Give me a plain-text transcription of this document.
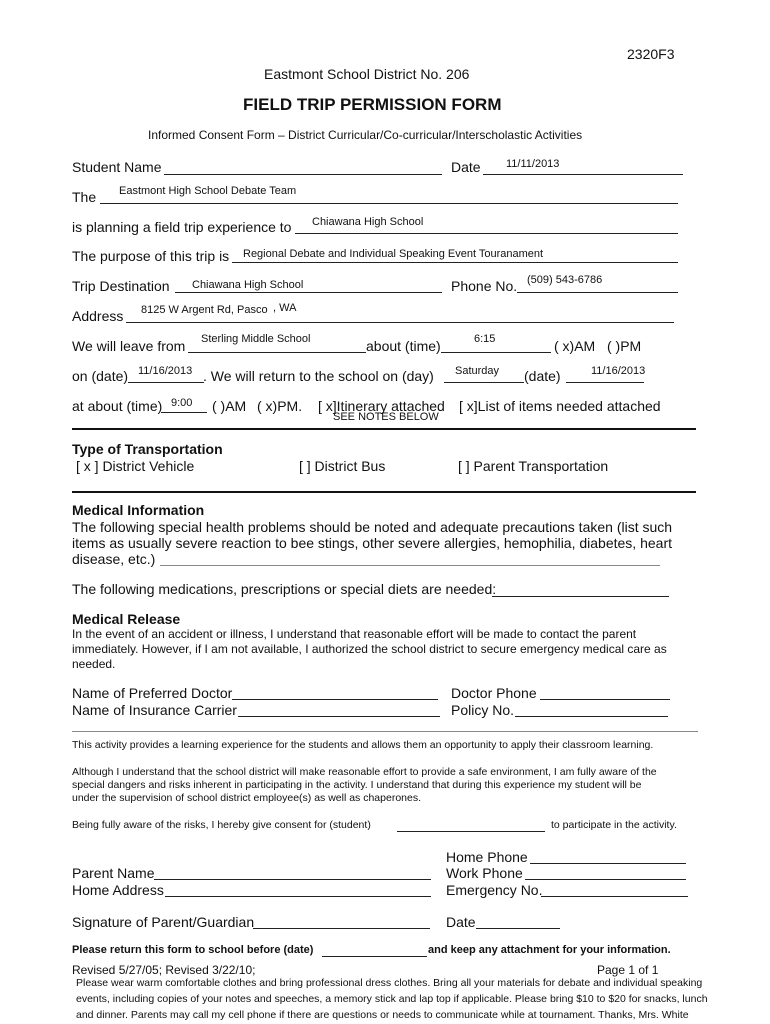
2320F3
Eastmont School District No. 206
FIELD TRIP PERMISSION FORM
Informed Consent Form – District Curricular/Co-curricular/Interscholastic Activities
Student Name	Date 11/11/2013
The Eastmont High School Debate Team
is planning a field trip experience to Chiawana High School
The purpose of this trip is Regional Debate and Individual Speaking Event Touranament
Trip Destination Chiawana High School	Phone No. (509) 543-6786
Address 8125 W Argent Rd, Pasco , WA
We will leave from Sterling Middle School	about (time)	6:15	( x)AM ( )PM
on (date) 11/16/2013 . We will return to the school on (day) Saturday (date)	11/16/2013
at about (time) 9:00 ( )AM ( x)PM. [ x]Itinerary attached
SEE NOTES BELOW
[ x]List of items needed attached
Type of Transportation
[ x ] District Vehicle	[ ] District Bus	[ ] Parent Transportation
Medical Information
The following special health problems should be noted and adequate precautions taken (list such
items as usually severe reaction to bee stings, other severe allergies, hemophilia, diabetes, heart
disease, etc.)
The following medications, prescriptions or special diets are needed:
Medical Release
In the event of an accident or illness, I understand that reasonable effort will be made to contact the parent
immediately. However, if I am not available, I authorized the school district to secure emergency medical care as
needed.
Name of Preferred Doctor	Doctor Phone
Name of Insurance Carrier	Policy No.
This activity provides a learning experience for the students and allows them an opportunity to apply their classroom learning.
Although I understand that the school district will make reasonable effort to provide a safe environment, I am fully aware of the
special dangers and risks inherent in participating in the activity. I understand that during this experience my student will be
under the supervision of school district employee(s) as well as chaperones.
Being fully aware of the risks, I hereby give consent for (student)	to participate in the activity.
Home Phone
Parent Name	Work Phone
Home Address	Emergency No.
Signature of Parent/Guardian	Date
Please return this form to school before (date)	and keep any attachment for your information.
Revised 5/27/05; Revised 3/22/10;	Page 1 of 1
Please wear warm comfortable clothes and bring professional dress clothes. Bring all your materials for debate and individual speaking
events, including copies of your notes and speeches, a memory stick and lap top if applicable. Please bring $10 to $20 for snacks, lunch
and dinner. Parents may call my cell phone if there are questions or needs to communicate while at tournament. Thanks, Mrs. White
